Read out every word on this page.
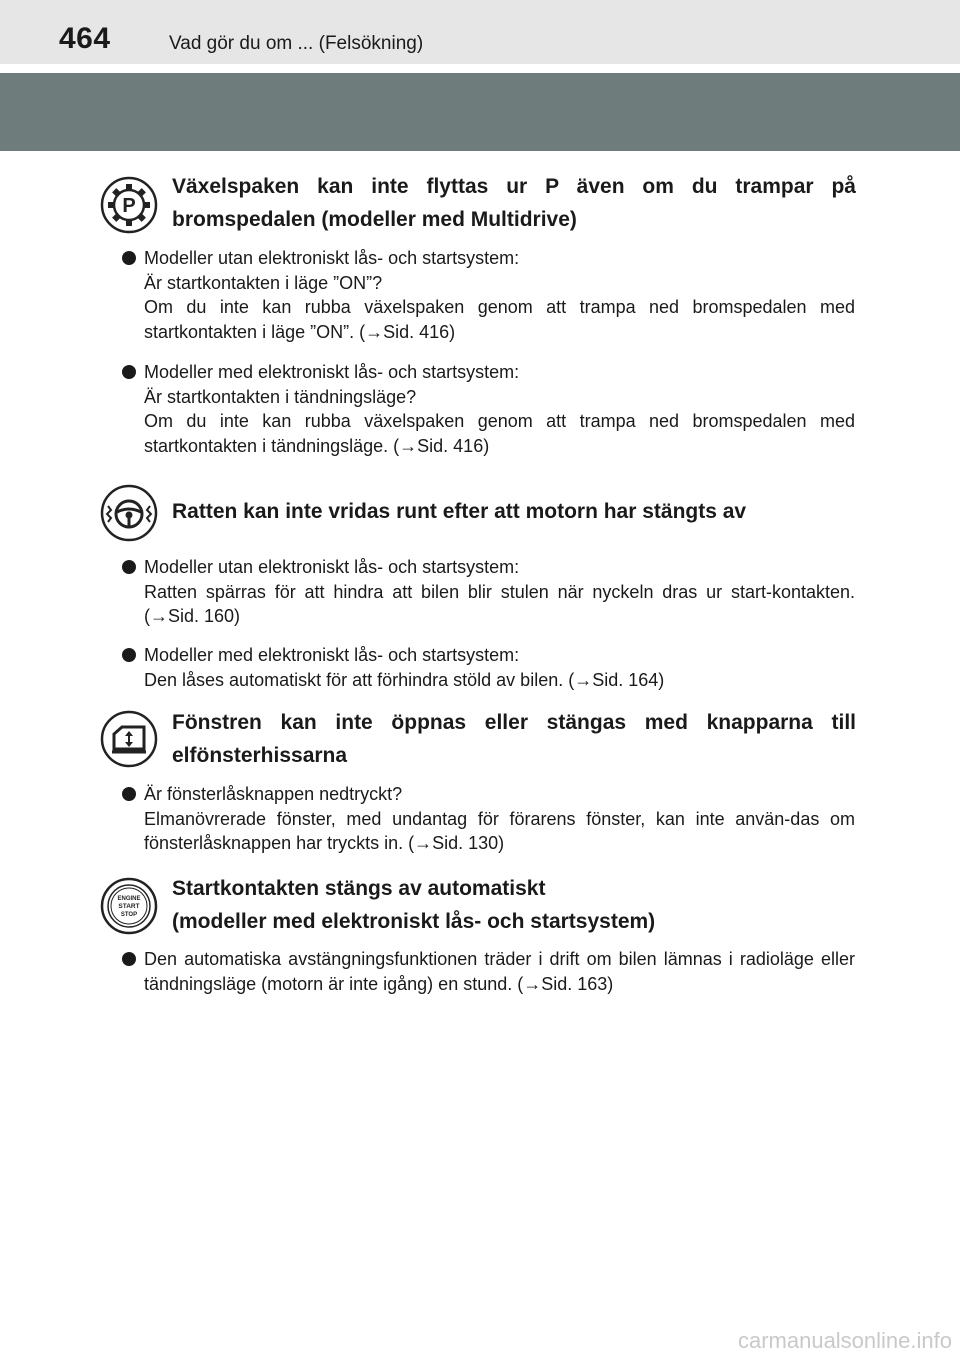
464	Vad gör du om ... (Felsökning)
P
Växelspaken kan inte flyttas ur P även om du trampar på bromspedalen (modeller med Multidrive)
Modeller utan elektroniskt lås- och startsystem:
Är startkontakten i läge ”ON”?
Om du inte kan rubba växelspaken genom att trampa ned bromspedalen med startkontakten i läge ”ON”. (→Sid. 416)
Modeller med elektroniskt lås- och startsystem:
Är startkontakten i tändningsläge?
Om du inte kan rubba växelspaken genom att trampa ned bromspedalen med startkontakten i tändningsläge. (→Sid. 416)
Ratten kan inte vridas runt efter att motorn har stängts av
Modeller utan elektroniskt lås- och startsystem:
Ratten spärras för att hindra att bilen blir stulen när nyckeln dras ur start-kontakten. (→Sid. 160)
Modeller med elektroniskt lås- och startsystem:
Den låses automatiskt för att förhindra stöld av bilen. (→Sid. 164)
Fönstren kan inte öppnas eller stängas med knapparna till elfönsterhissarna
Är fönsterlåsknappen nedtryckt?
Elmanövrerade fönster, med undantag för förarens fönster, kan inte använ-das om fönsterlåsknappen har tryckts in. (→Sid. 130)
ENGINE
START
STOP
Startkontakten stängs av automatiskt
(modeller med elektroniskt lås- och startsystem)
Den automatiska avstängningsfunktionen träder i drift om bilen lämnas i radioläge eller tändningsläge (motorn är inte igång) en stund. (→Sid. 163)
carmanualsonline.info
